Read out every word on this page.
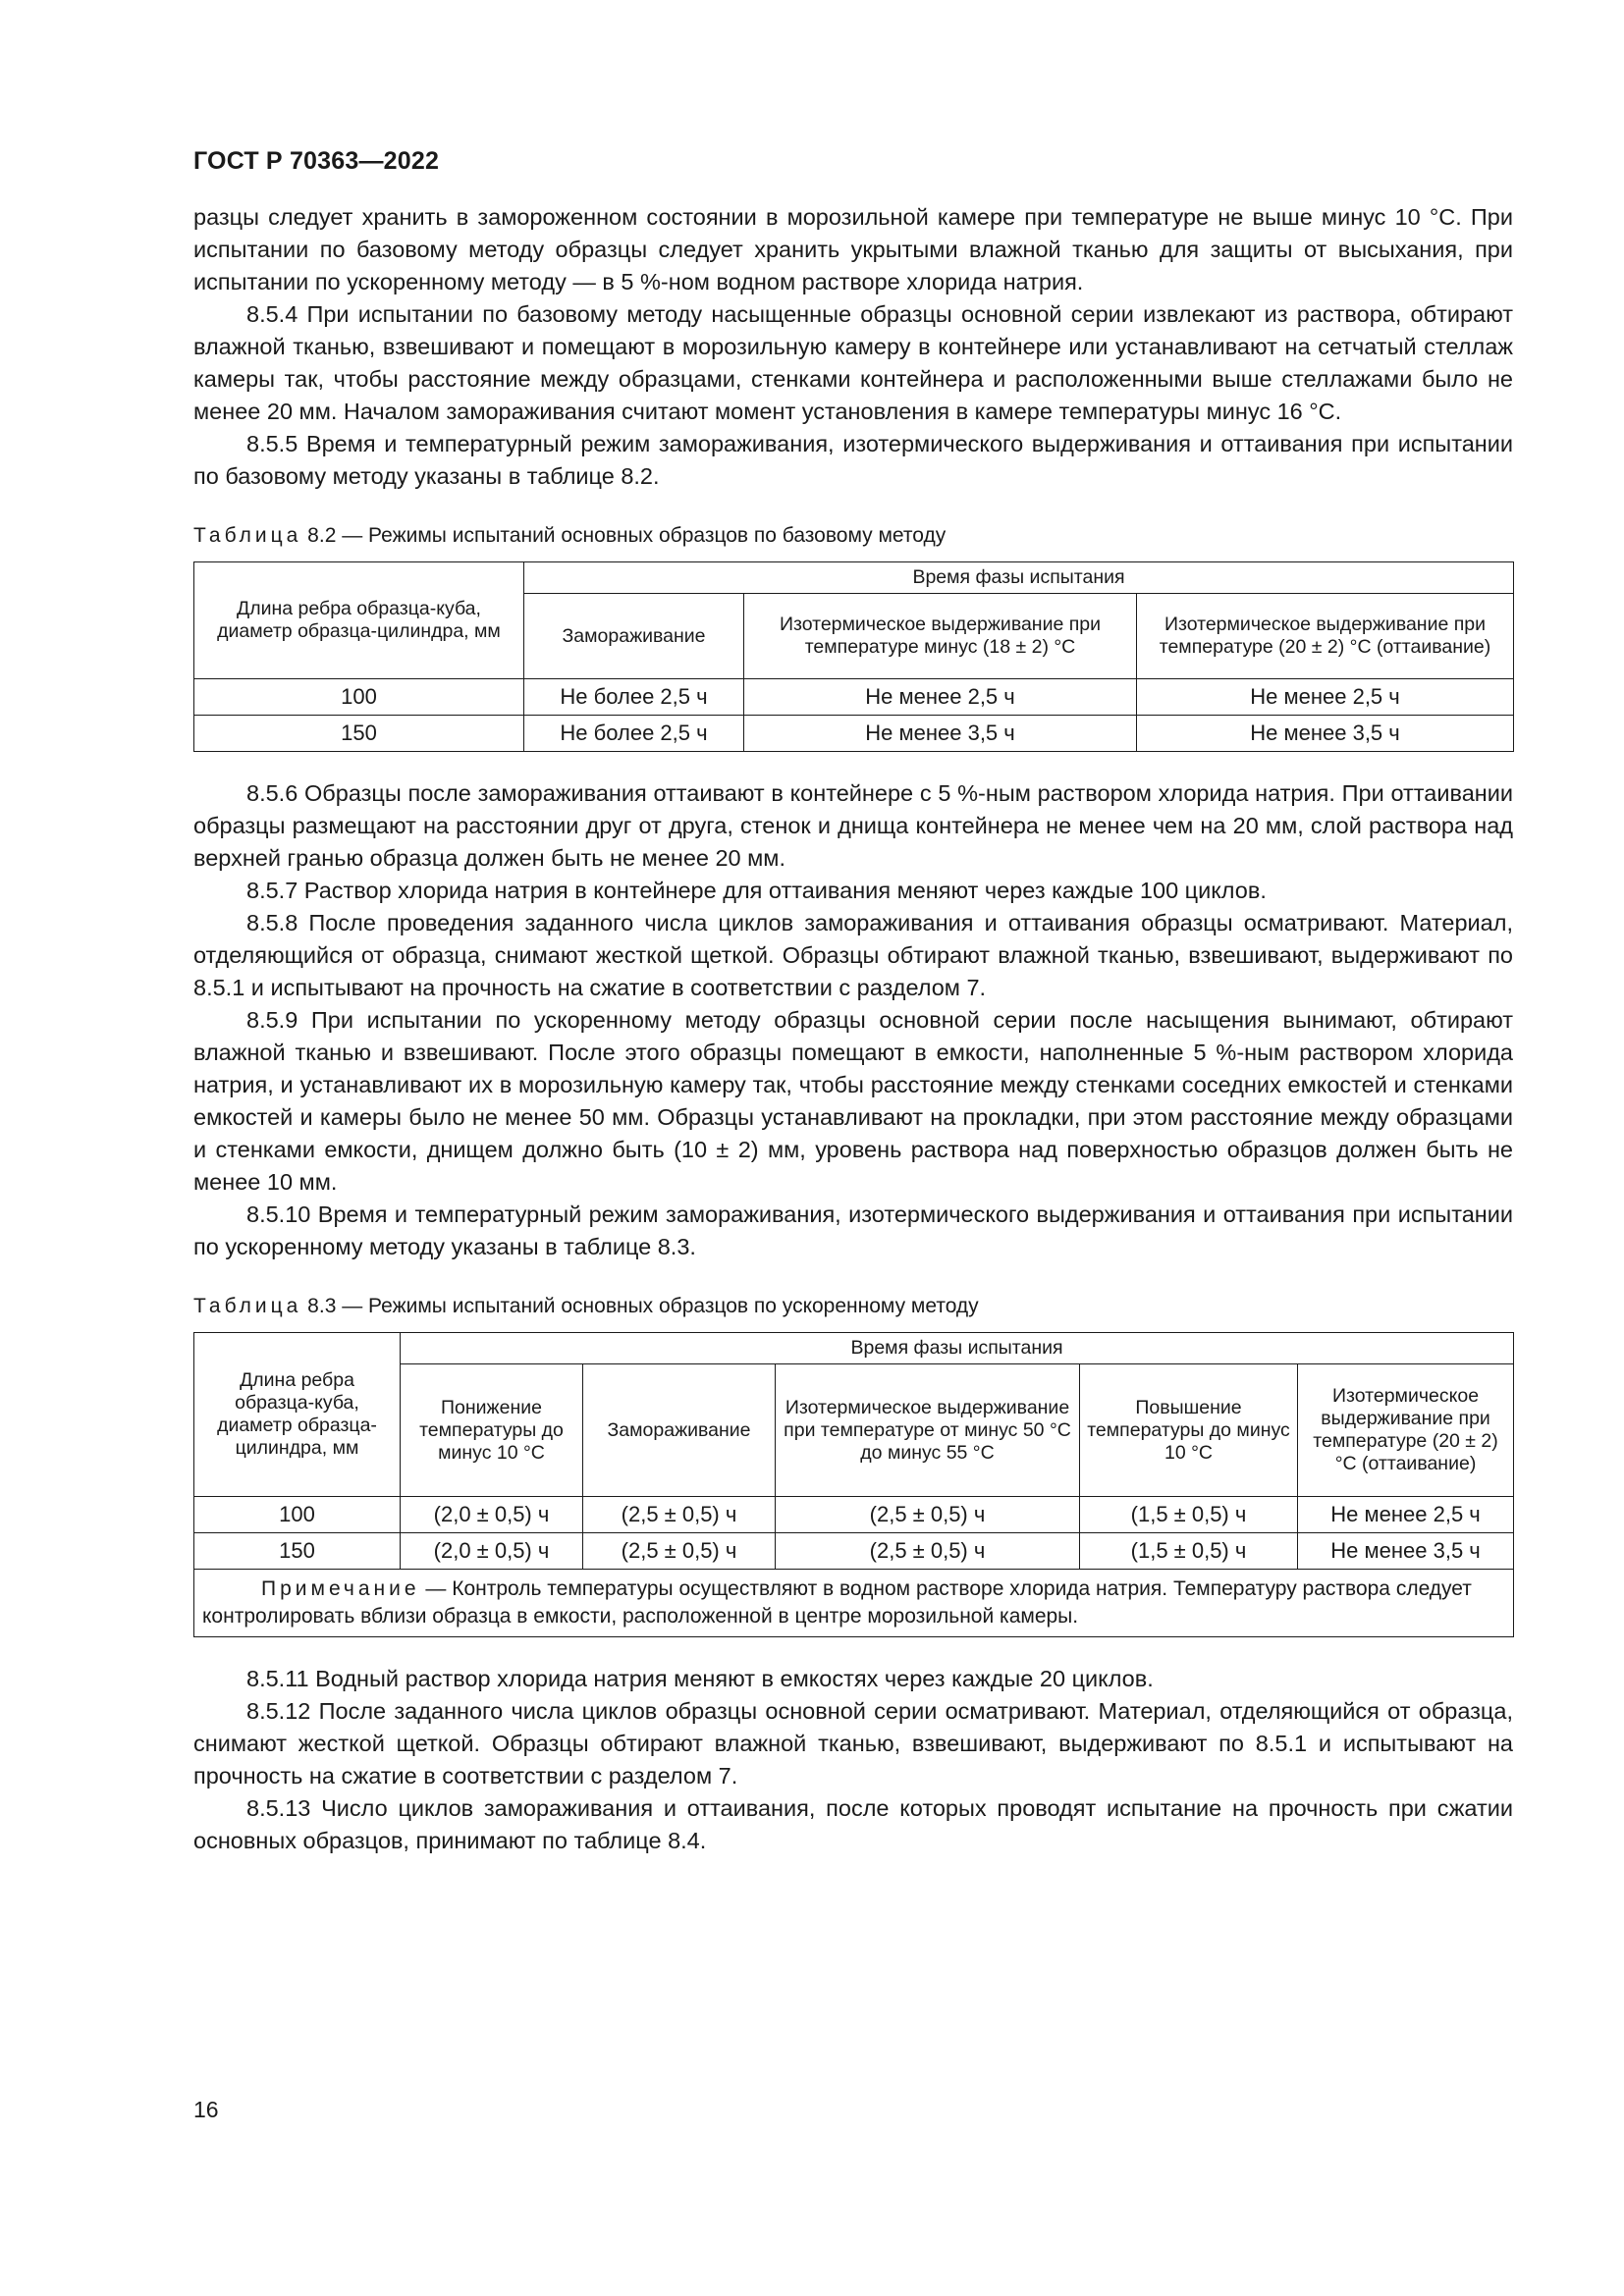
ГОСТ Р 70363—2022

разцы следует хранить в замороженном состоянии в морозильной камере при температуре не выше минус 10 °С. При испытании по базовому методу образцы следует хранить укрытыми влажной тканью для защиты от высыхания, при испытании по ускоренному методу — в 5 %-ном водном растворе хлорида натрия.

8.5.4 При испытании по базовому методу насыщенные образцы основной серии извлекают из раствора, обтирают влажной тканью, взвешивают и помещают в морозильную камеру в контейнере или устанавливают на сетчатый стеллаж камеры так, чтобы расстояние между образцами, стенками контейнера и расположенными выше стеллажами было не менее 20 мм. Началом замораживания считают момент установления в камере температуры минус 16 °С.

8.5.5 Время и температурный режим замораживания, изотермического выдерживания и оттаивания при испытании по базовому методу указаны в таблице 8.2.

Таблица 8.2 — Режимы испытаний основных образцов по базовому методу
Длина ребра образца-куба, диаметр образца-цилиндра, мм	Время фазы испытания		
	Замораживание	Изотермическое выдерживание при температуре минус (18 ± 2) °С	Изотермическое выдерживание при температуре (20 ± 2) °С (оттаивание)
100	Не более 2,5 ч	Не менее 2,5 ч	Не менее 2,5 ч
150	Не более 2,5 ч	Не менее 3,5 ч	Не менее 3,5 ч

8.5.6 Образцы после замораживания оттаивают в контейнере с 5 %-ным раствором хлорида натрия. При оттаивании образцы размещают на расстоянии друг от друга, стенок и днища контейнера не менее чем на 20 мм, слой раствора над верхней гранью образца должен быть не менее 20 мм.

8.5.7 Раствор хлорида натрия в контейнере для оттаивания меняют через каждые 100 циклов.

8.5.8 После проведения заданного числа циклов замораживания и оттаивания образцы осматривают. Материал, отделяющийся от образца, снимают жесткой щеткой. Образцы обтирают влажной тканью, взвешивают, выдерживают по 8.5.1 и испытывают на прочность на сжатие в соответствии с разделом 7.

8.5.9 При испытании по ускоренному методу образцы основной серии после насыщения вынимают, обтирают влажной тканью и взвешивают. После этого образцы помещают в емкости, наполненные 5 %-ным раствором хлорида натрия, и устанавливают их в морозильную камеру так, чтобы расстояние между стенками соседних емкостей и стенками емкостей и камеры было не менее 50 мм. Образцы устанавливают на прокладки, при этом расстояние между образцами и стенками емкости, днищем должно быть (10 ± 2) мм, уровень раствора над поверхностью образцов должен быть не менее 10 мм.

8.5.10 Время и температурный режим замораживания, изотермического выдерживания и оттаивания при испытании по ускоренному методу указаны в таблице 8.3.

Таблица 8.3 — Режимы испытаний основных образцов по ускоренному методу
Длина ребра образца-куба, диаметр образца-цилиндра, мм	Время фазы испытания				
	Понижение температуры до минус 10 °С	Замораживание	Изотермическое выдерживание при температуре от минус 50 °С до минус 55 °С	Повышение температуры до минус 10 °С	Изотермическое выдерживание при температуре (20 ± 2) °С (оттаивание)
100	(2,0 ± 0,5) ч	(2,5 ± 0,5) ч	(2,5 ± 0,5) ч	(1,5 ± 0,5) ч	Не менее 2,5 ч
150	(2,0 ± 0,5) ч	(2,5 ± 0,5) ч	(2,5 ± 0,5) ч	(1,5 ± 0,5) ч	Не менее 3,5 ч
Примечание — Контроль температуры осуществляют в водном растворе хлорида натрия. Температуру раствора следует контролировать вблизи образца в емкости, расположенной в центре морозильной камеры.					

8.5.11 Водный раствор хлорида натрия меняют в емкостях через каждые 20 циклов.

8.5.12 После заданного числа циклов образцы основной серии осматривают. Материал, отделяющийся от образца, снимают жесткой щеткой. Образцы обтирают влажной тканью, взвешивают, выдерживают по 8.5.1 и испытывают на прочность на сжатие в соответствии с разделом 7.

8.5.13 Число циклов замораживания и оттаивания, после которых проводят испытание на прочность при сжатии основных образцов, принимают по таблице 8.4.

16
